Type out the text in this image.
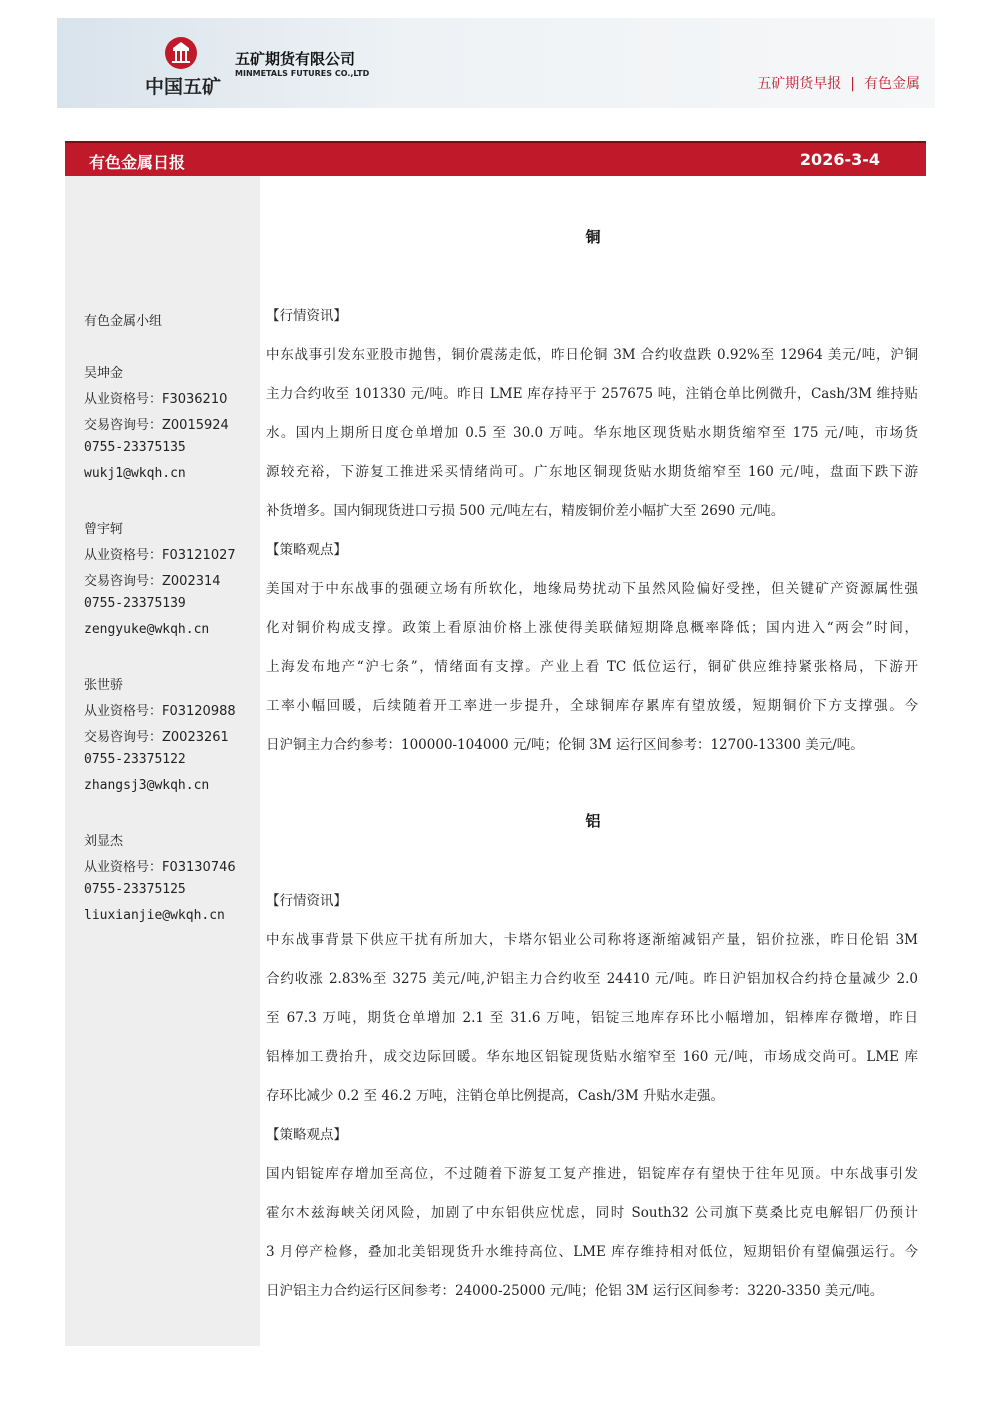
中国五矿
五矿期货有限公司
MINMETALS FUTURES CO.,LTD
五矿期货早报 | 有色金属
有色金属日报	2026-3-4
有色金属小组
吴坤金
从业资格号：F3036210
交易咨询号：Z0015924
0755-23375135
wukj1@wkqh.cn
曾宇轲
从业资格号：F03121027
交易咨询号：Z002314
0755-23375139
zengyuke@wkqh.cn
张世骄
从业资格号：F03120988
交易咨询号：Z0023261
0755-23375122
zhangsj3@wkqh.cn
刘显杰
从业资格号：F03130746
0755-23375125
liuxianjie@wkqh.cn
铜
【行情资讯】
中东战事引发东亚股市抛售，铜价震荡走低，昨日伦铜 3M 合约收盘跌 0.92%至 12964 美元/吨，沪铜
主力合约收至 101330 元/吨。昨日 LME 库存持平于 257675 吨，注销仓单比例微升，Cash/3M 维持贴
水。国内上期所日度仓单增加 0.5 至 30.0 万吨。华东地区现货贴水期货缩窄至 175 元/吨，市场货
源较充裕，下游复工推进采买情绪尚可。广东地区铜现货贴水期货缩窄至 160 元/吨，盘面下跌下游
补货增多。国内铜现货进口亏损 500 元/吨左右，精废铜价差小幅扩大至 2690 元/吨。
【策略观点】
美国对于中东战事的强硬立场有所软化，地缘局势扰动下虽然风险偏好受挫，但关键矿产资源属性强
化对铜价构成支撑。政策上看原油价格上涨使得美联储短期降息概率降低；国内进入“两会”时间，
上海发布地产“沪七条”，情绪面有支撑。产业上看 TC 低位运行，铜矿供应维持紧张格局，下游开
工率小幅回暖，后续随着开工率进一步提升，全球铜库存累库有望放缓，短期铜价下方支撑强。今
日沪铜主力合约参考：100000-104000 元/吨；伦铜 3M 运行区间参考：12700-13300 美元/吨。
铝
【行情资讯】
中东战事背景下供应干扰有所加大，卡塔尔铝业公司称将逐渐缩减铝产量，铝价拉涨，昨日伦铝 3M
合约收涨 2.83%至 3275 美元/吨,沪铝主力合约收至 24410 元/吨。昨日沪铝加权合约持仓量减少 2.0
至 67.3 万吨，期货仓单增加 2.1 至 31.6 万吨，铝锭三地库存环比小幅增加，铝棒库存微增，昨日
铝棒加工费抬升，成交边际回暖。华东地区铝锭现货贴水缩窄至 160 元/吨，市场成交尚可。LME 库
存环比减少 0.2 至 46.2 万吨，注销仓单比例提高，Cash/3M 升贴水走强。
【策略观点】
国内铝锭库存增加至高位，不过随着下游复工复产推进，铝锭库存有望快于往年见顶。中东战事引发
霍尔木兹海峡关闭风险，加剧了中东铝供应忧虑，同时 South32 公司旗下莫桑比克电解铝厂仍预计
3 月停产检修，叠加北美铝现货升水维持高位、LME 库存维持相对低位，短期铝价有望偏强运行。今
日沪铝主力合约运行区间参考：24000-25000 元/吨；伦铝 3M 运行区间参考：3220-3350 美元/吨。
